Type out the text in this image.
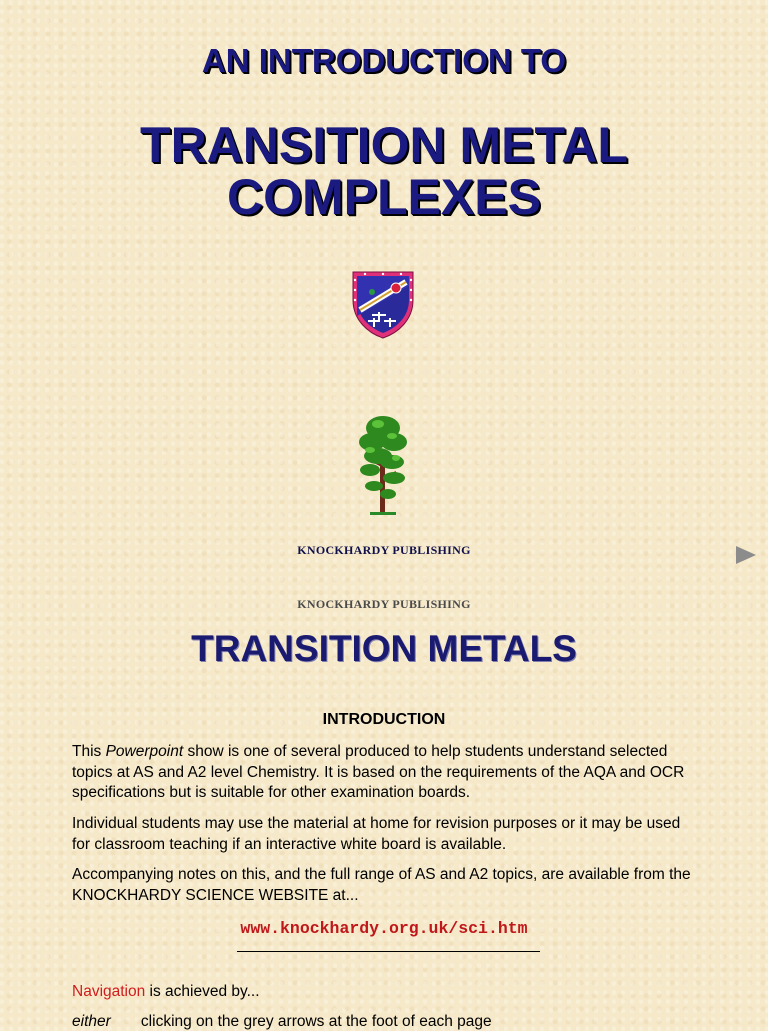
AN INTRODUCTION TO
TRANSITION METAL
COMPLEXES
KNOCKHARDY PUBLISHING
KNOCKHARDY PUBLISHING
TRANSITION METALS
INTRODUCTION
This Powerpoint show is one of several produced to help students understand selected topics at AS and A2 level Chemistry. It is based on the requirements of the AQA and OCR specifications but is suitable for other examination boards.
Individual students may use the material at home for revision purposes or it may be used for classroom teaching if an interactive white board is available.
Accompanying notes on this, and the full range of AS and A2 topics, are available from the KNOCKHARDY SCIENCE WEBSITE at...
www.knockhardy.org.uk/sci.htm
Navigation is achieved by...
either       clicking on the grey arrows at the foot of each page
